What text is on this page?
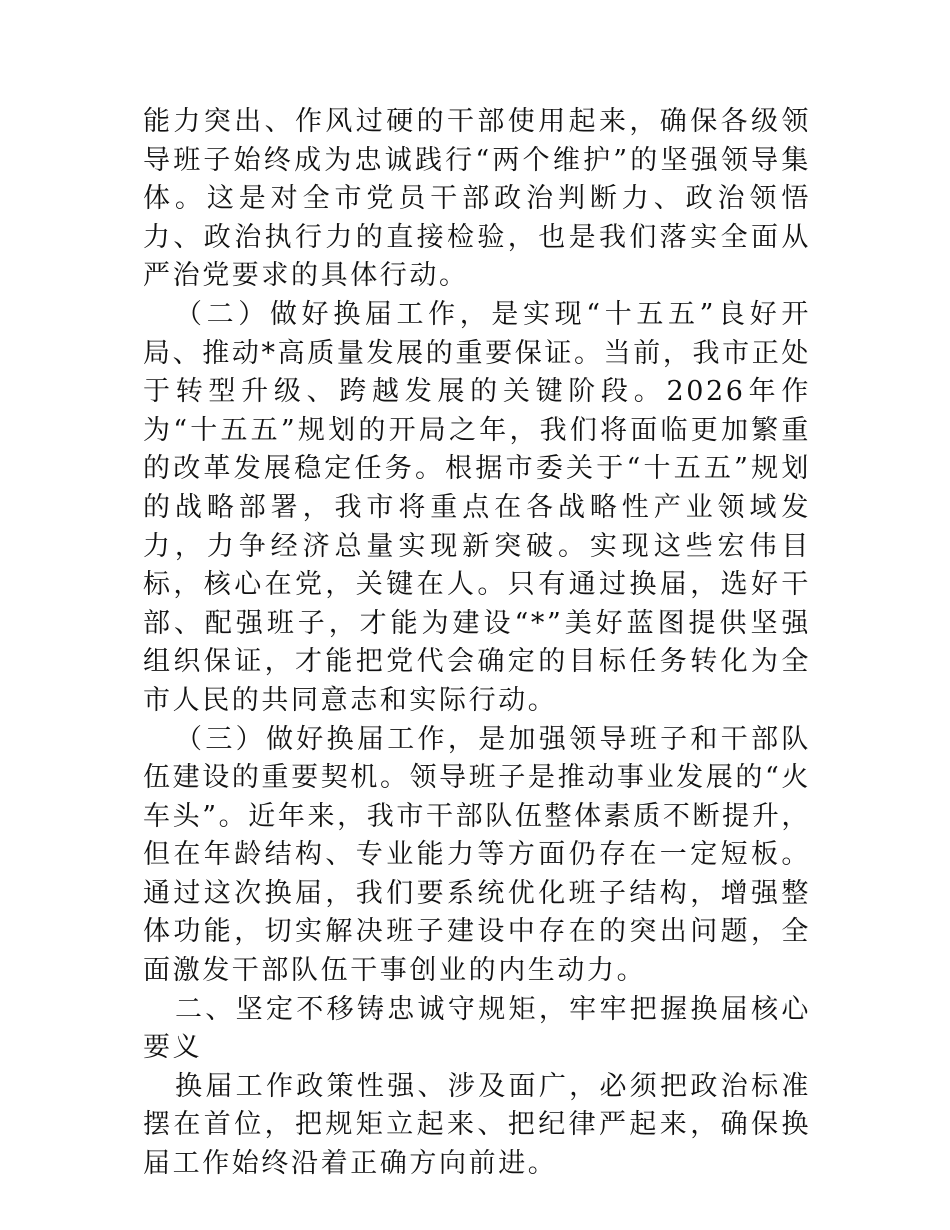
能力突出、作风过硬的干部使用起来，确保各级领导班子始终成为忠诚践行“两个维护”的坚强领导集体。这是对全市党员干部政治判断力、政治领悟力、政治执行力的直接检验，也是我们落实全面从严治党要求的具体行动。

（二）做好换届工作，是实现“十五五”良好开局、推动*高质量发展的重要保证。当前，我市正处于转型升级、跨越发展的关键阶段。2026年作为“十五五”规划的开局之年，我们将面临更加繁重的改革发展稳定任务。根据市委关于“十五五”规划的战略部署，我市将重点在各战略性产业领域发力，力争经济总量实现新突破。实现这些宏伟目标，核心在党，关键在人。只有通过换届，选好干部、配强班子，才能为建设“*”美好蓝图提供坚强组织保证，才能把党代会确定的目标任务转化为全市人民的共同意志和实际行动。

（三）做好换届工作，是加强领导班子和干部队伍建设的重要契机。领导班子是推动事业发展的“火车头”。近年来，我市干部队伍整体素质不断提升，但在年龄结构、专业能力等方面仍存在一定短板。通过这次换届，我们要系统优化班子结构，增强整体功能，切实解决班子建设中存在的突出问题，全面激发干部队伍干事创业的内生动力。

二、坚定不移铸忠诚守规矩，牢牢把握换届核心要义

换届工作政策性强、涉及面广，必须把政治标准摆在首位，把规矩立起来、把纪律严起来，确保换届工作始终沿着正确方向前进。
